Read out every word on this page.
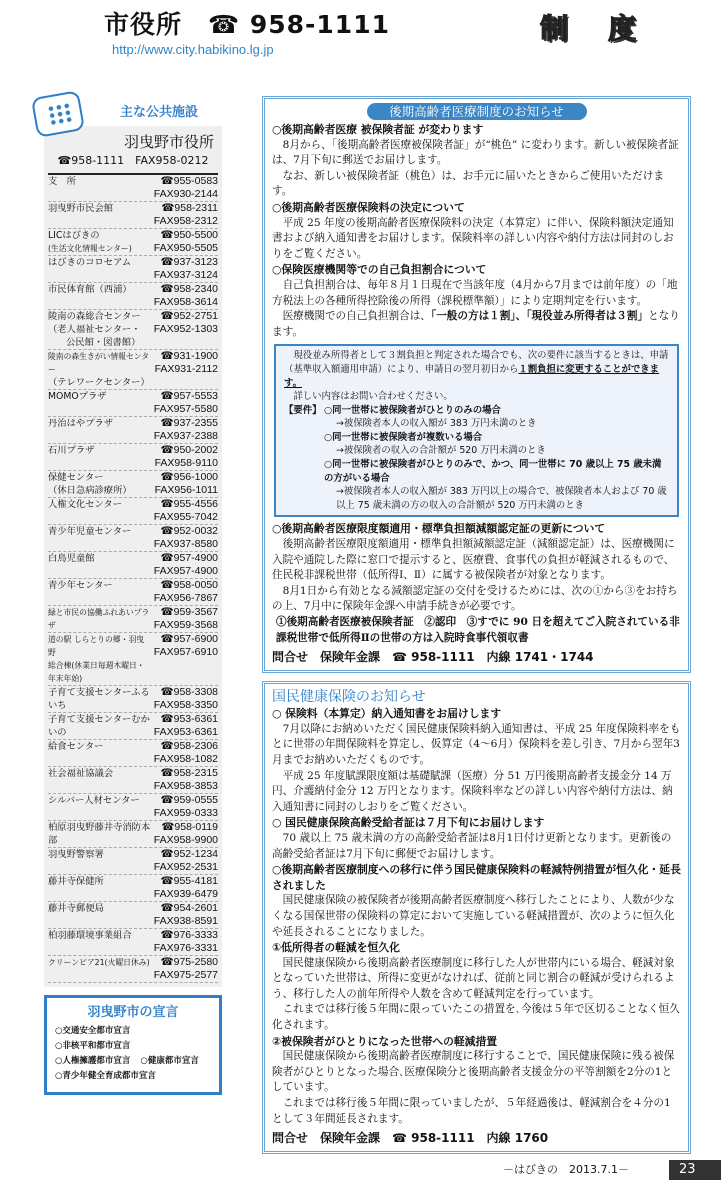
市役所　☎ 958-1111
http://www.city.habikino.lg.jp
制度
主な公共施設
羽曳野市役所
☎958-1111　FAX958-0212
支　所	☎955-0583
FAX930-2144
羽曳野市民会館	☎958-2311
FAX958-2312
LICはびきの
(生活文化情報センター)
☎950-5500
FAX950-5505
はびきのコロセアム	☎937-3123
FAX937-3124
市民体育館（西浦）	☎958-2340
FAX958-3614
陵南の森総合センター
（老人福祉センター・
公民館・図書館）
☎952-2751
FAX952-1303
陵南の森生きがい情報センター
（テレワークセンター）
☎931-1900
FAX931-2112
MOMOプラザ	☎957-5553
FAX957-5580
丹治はやプラザ	☎937-2355
FAX937-2388
石川プラザ	☎950-2002
FAX958-9110
保健センター
（休日急病診療所）
☎956-1000
FAX956-1011
人権文化センター	☎955-4556
FAX955-7042
青少年児童センター	☎952-0032
FAX937-8580
白鳥児童館	☎957-4900
FAX957-4900
青少年センター	☎958-0050
FAX956-7867
緑と市民の協働ふれあいプラザ
☎959-3567
FAX959-3568
道の駅 しらとりの郷・羽曳野
総合棟(休業日毎週木曜日・年末年始)
☎957-6900
FAX957-6910
子育て支援センターふるいち
☎958-3308
FAX958-3350
子育て支援センターむかいの
☎953-6361
FAX953-6361
給食センター	☎958-2306
FAX958-1082
社会福祉協議会	☎958-2315
FAX958-3853
シルバー人材センター	☎959-0555
FAX959-0333
柏原羽曳野藤井寺消防本部
☎958-0119
FAX958-9900
羽曳野警察署	☎952-1234
FAX952-2531
藤井寺保健所	☎955-4181
FAX939-6479
藤井寺郵便局	☎954-2601
FAX938-8591
柏羽藤環境事業組合	☎976-3333
FAX976-3331
クリーンピア21(火曜日休み)	☎975-2580
FAX975-2577
羽曳野市の宣言
○交通安全都市宣言○非核平和都市宣言
○人権擁護都市宣言 ○健康都市宣言
○青少年健全育成都市宣言
後期高齢者医療制度のお知らせ
○後期高齢者医療 被保険者証 が変わります

8月から、「後期高齢者医療被保険者証」が“桃色” に変わります。新しい被保険者証は、7月下旬に郵送でお届けします。

なお、新しい被保険者証（桃色）は、お手元に届いたときからご使用いただけます。

○後期高齢者医療保険料の決定について

平成 25 年度の後期高齢者医療保険料の決定（本算定）に伴い、保険料額決定通知書および納入通知書をお届けします。保険料率の詳しい内容や納付方法は同封のしおりをご覧ください。

○保険医療機関等での自己負担割合について

自己負担割合は、毎年８月１日現在で当該年度（4月から7月までは前年度）の「地方税法上の各種所得控除後の所得（課税標準額）」により定期判定を行います。

医療機関での自己負担割合は、「一般の方は１割」、「現役並み所得者は３割」となります。

現役並み所得者として３割負担と判定された場合でも、次の要件に該当するときは、申請（基準収入額適用申請）により、申請日の翌月初日から１割負担に変更することができます。

詳しい内容はお問い合わせください。

【要件】 ○同一世帯に被保険者がひとりのみの場合
→被保険者本人の収入額が 383 万円未満のとき
○同一世帯に被保険者が複数いる場合
→被保険者の収入の合計額が 520 万円未満のとき
○同一世帯に被保険者がひとりのみで、かつ、同一世帯に 70 歳以上 75 歳未満の方がいる場合
→被保険者本人の収入額が 383 万円以上の場合で、被保険者本人および 70 歳以上 75 歳未満の方の収入の合計額が 520 万円未満のとき
○後期高齢者医療限度額適用・標準負担額減額認定証の更新について

後期高齢者医療限度額適用・標準負担額減額認定証（減額認定証）は、医療機関に入院や通院した際に窓口で提示すると、医療費、食事代の負担が軽減されるもので、住民税非課税世帯（低所得Ⅰ、Ⅱ）に属する被保険者が対象となります。

8月1日から有効となる減額認定証の交付を受けるためには、次の①から③をお持ちの上、7月中に保険年金課へ申請手続きが必要です。

①後期高齢者医療被保険者証　②認印　③すでに 90 日を超えてご入院されている非課税世帯で低所得Ⅱの世帯の方は入院時食事代領収書
問合せ　保険年金課　☎ 958-1111　内線 1741・1744
国民健康保険のお知らせ
○ 保険料（本算定）納入通知書をお届けします

7月以降にお納めいただく国民健康保険料納入通知書は、平成 25 年度保険料率をもとに世帯の年間保険料を算定し、仮算定（4～6月）保険料を差し引き、7月から翌年3月までお納めいただくものです。

平成 25 年度賦課限度額は基礎賦課（医療）分 51 万円後期高齢者支援金分 14 万円、介護納付金分 12 万円となります。保険料率などの詳しい内容や納付方法は、納入通知書に同封のしおりをご覧ください。

○ 国民健康保険高齢受給者証は７月下旬にお届けします

70 歳以上 75 歳未満の方の高齢受給者証は8月1日付け更新となります。更新後の高齢受給者証は7月下旬に郵便でお届けします。

○後期高齢者医療制度への移行に伴う国民健康保険料の軽減特例措置が恒久化・延長されました

国民健康保険の被保険者が後期高齢者医療制度へ移行したことにより、人数が少なくなる国保世帯の保険料の算定において実施している軽減措置が、次のように恒久化や延長されることになりました。

①低所得者の軽減を恒久化

国民健康保険から後期高齢者医療制度に移行した人が世帯内にいる場合、軽減対象となっていた世帯は、所得に変更がなければ、従前と同じ割合の軽減が受けられるよう、移行した人の前年所得や人数を含めて軽減判定を行っています。

これまでは移行後５年間に限っていたこの措置を､今後は５年で区切ることなく恒久化されます。

②被保険者がひとりになった世帯への軽減措置

国民健康保険から後期高齢者医療制度に移行することで、国民健康保険に残る被保険者がひとりとなった場合､医療保険分と後期高齢者支援金分の平等割額を2分の1としています。

これまでは移行後５年間に限っていましたが、５年経過後は、軽減割合を４分の1として３年間延長されます。

問合せ　保険年金課　☎ 958-1111　内線 1760
－はびきの　2013.7.1－	23
